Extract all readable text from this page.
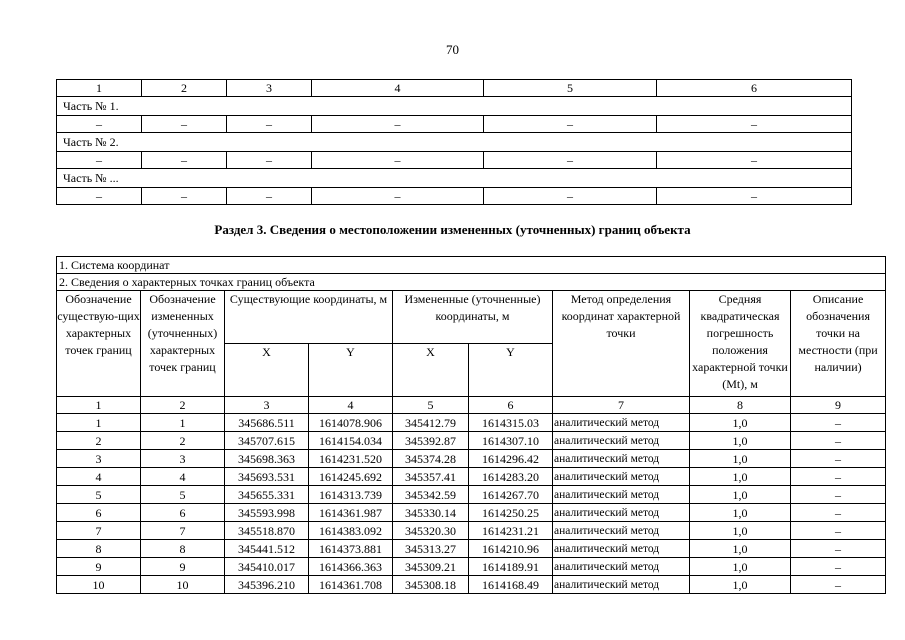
70
1	2	3	4	5	6
Часть № 1.					
–	–	–	–	–	–
Часть № 2.					
–	–	–	–	–	–
Часть № ...					
–	–	–	–	–	–
Раздел 3. Сведения о местоположении измененных (уточненных) границ объекта
1. Система координат								
2. Сведения о характерных точках границ объекта								
Обозначение существую-щих характерных точек границ	Обозначение измененных (уточненных) характерных точек границ	Существующие координаты, м		Измененные (уточненные) координаты, м		Метод определения координат характерной точки	Средняя квадратическая погрешность положения характерной точки (Mt), м	Описание обозначения точки на местности (при наличии)
		X	Y	X	Y			
1	2	3	4	5	6	7	8	9
1	1	345686.511	1614078.906	345412.79	1614315.03	аналитический метод	1,0	–
2	2	345707.615	1614154.034	345392.87	1614307.10	аналитический метод	1,0	–
3	3	345698.363	1614231.520	345374.28	1614296.42	аналитический метод	1,0	–
4	4	345693.531	1614245.692	345357.41	1614283.20	аналитический метод	1,0	–
5	5	345655.331	1614313.739	345342.59	1614267.70	аналитический метод	1,0	–
6	6	345593.998	1614361.987	345330.14	1614250.25	аналитический метод	1,0	–
7	7	345518.870	1614383.092	345320.30	1614231.21	аналитический метод	1,0	–
8	8	345441.512	1614373.881	345313.27	1614210.96	аналитический метод	1,0	–
9	9	345410.017	1614366.363	345309.21	1614189.91	аналитический метод	1,0	–
10	10	345396.210	1614361.708	345308.18	1614168.49	аналитический метод	1,0	–
